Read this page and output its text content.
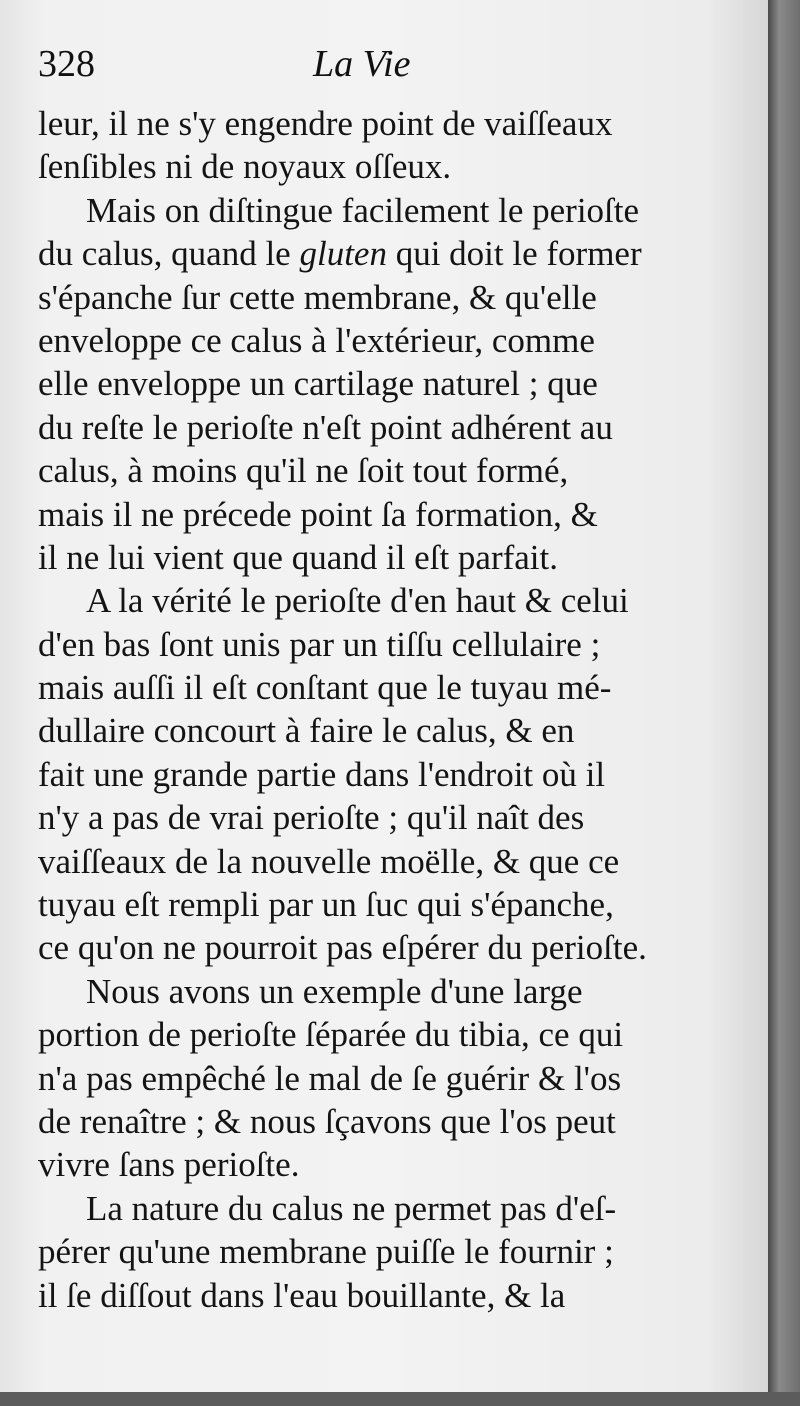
328	La Vie
leur, il ne s'y engendre point de vaiſſeaux
ſenſibles ni de noyaux oſſeux.
Mais on diſtingue facilement le perioſte
du calus, quand le gluten qui doit le former
s'épanche ſur cette membrane, & qu'elle
enveloppe ce calus à l'extérieur, comme
elle enveloppe un cartilage naturel ; que
du reſte le perioſte n'eſt point adhérent au
calus, à moins qu'il ne ſoit tout formé,
mais il ne précede point ſa formation, &
il ne lui vient que quand il eſt parfait.
A la vérité le perioſte d'en haut & celui
d'en bas ſont unis par un tiſſu cellulaire ;
mais auſſi il eſt conſtant que le tuyau mé-
dullaire concourt à faire le calus, & en
fait une grande partie dans l'endroit où il
n'y a pas de vrai perioſte ; qu'il naît des
vaiſſeaux de la nouvelle moëlle, & que ce
tuyau eſt rempli par un ſuc qui s'épanche,
ce qu'on ne pourroit pas eſpérer du perioſte.
Nous avons un exemple d'une large
portion de perioſte ſéparée du tibia, ce qui
n'a pas empêché le mal de ſe guérir & l'os
de renaître ; & nous ſçavons que l'os peut
vivre ſans perioſte.
La nature du calus ne permet pas d'eſ-
pérer qu'une membrane puiſſe le fournir ;
il ſe diſſout dans l'eau bouillante, & la
